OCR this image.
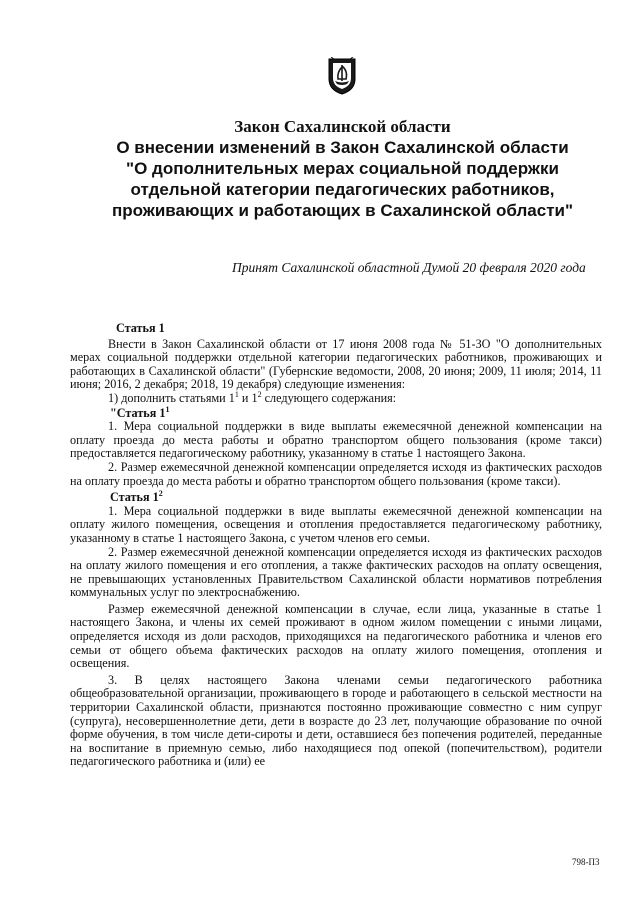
Закон Сахалинской области
О внесении изменений в Закон Сахалинской области "О дополнительных мерах социальной поддержки отдельной категории педагогических работников, проживающих и работающих в Сахалинской области"
Принят Сахалинской областной Думой 20 февраля 2020 года

Статья 1

Внести в Закон Сахалинской области от 17 июня 2008 года № 51-ЗО "О дополнительных мерах социальной поддержки отдельной категории педагогических работников, проживающих и работающих в Сахалинской области" (Губернские ведомости, 2008, 20 июня; 2009, 11 июля; 2014, 11 июня; 2016, 2 декабря; 2018, 19 декабря) следующие изменения:

1) дополнить статьями $1^1$ и $1^2$ следующего содержания:

"Статья $1^1$

1. Мера социальной поддержки в виде выплаты ежемесячной денежной компенсации на оплату проезда до места работы и обратно транспортом общего пользования (кроме такси) предоставляется педагогическому работнику, указанному в статье 1 настоящего Закона.

2. Размер ежемесячной денежной компенсации определяется исходя из фактических расходов на оплату проезда до места работы и обратно транспортом общего пользования (кроме такси).

Статья $1^2$

1. Мера социальной поддержки в виде выплаты ежемесячной денежной компенсации на оплату жилого помещения, освещения и отопления предоставляется педагогическому работнику, указанному в статье 1 настоящего Закона, с учетом членов его семьи.

2. Размер ежемесячной денежной компенсации определяется исходя из фактических расходов на оплату жилого помещения и его отопления, а также фактических расходов на оплату освещения, не превышающих установленных Правительством Сахалинской области нормативов потребления коммунальных услуг по электроснабжению.

Размер ежемесячной денежной компенсации в случае, если лица, указанные в статье 1 настоящего Закона, и члены их семей проживают в одном жилом помещении с иными лицами, определяется исходя из доли расходов, приходящихся на педагогического работника и членов его семьи от общего объема фактических расходов на оплату жилого помещения, отопления и освещения.

3. В целях настоящего Закона членами семьи педагогического работника общеобразовательной организации, проживающего в городе и работающего в сельской местности на территории Сахалинской области, признаются постоянно проживающие совместно с ним супруг (супруга), несовершеннолетние дети, дети в возрасте до 23 лет, получающие образование по очной форме обучения, в том числе дети-сироты и дети, оставшиеся без попечения родителей, переданные на воспитание в приемную семью, либо находящиеся под опекой (попечительством), родители педагогического работника и (или) ее

798-П3
